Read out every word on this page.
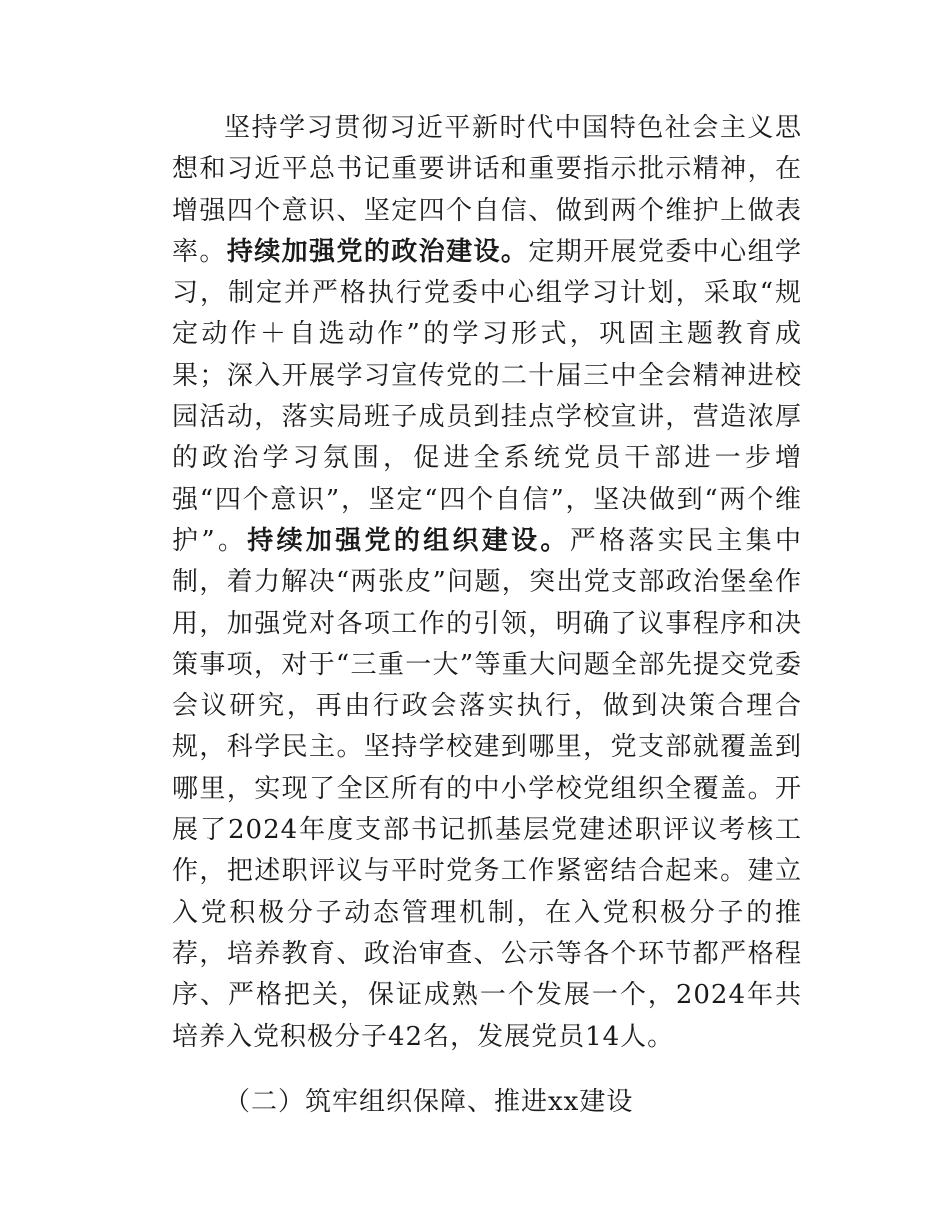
坚持学习贯彻习近平新时代中国特色社会主义思想和习近平总书记重要讲话和重要指示批示精神，在增强四个意识、坚定四个自信、做到两个维护上做表率。持续加强党的政治建设。定期开展党委中心组学习，制定并严格执行党委中心组学习计划，采取“规定动作＋自选动作”的学习形式，巩固主题教育成果；深入开展学习宣传党的二十届三中全会精神进校园活动，落实局班子成员到挂点学校宣讲，营造浓厚的政治学习氛围，促进全系统党员干部进一步增强“四个意识”，坚定“四个自信”，坚决做到“两个维护”。持续加强党的组织建设。严格落实民主集中制，着力解决“两张皮”问题，突出党支部政治堡垒作用，加强党对各项工作的引领，明确了议事程序和决策事项，对于“三重一大”等重大问题全部先提交党委会议研究，再由行政会落实执行，做到决策合理合规，科学民主。坚持学校建到哪里，党支部就覆盖到哪里，实现了全区所有的中小学校党组织全覆盖。开展了2024年度支部书记抓基层党建述职评议考核工作，把述职评议与平时党务工作紧密结合起来。建立入党积极分子动态管理机制，在入党积极分子的推荐，培养教育、政治审查、公示等各个环节都严格程序、严格把关，保证成熟一个发展一个，2024年共培养入党积极分子42名，发展党员14人。

（二）筑牢组织保障、推进xx建设
